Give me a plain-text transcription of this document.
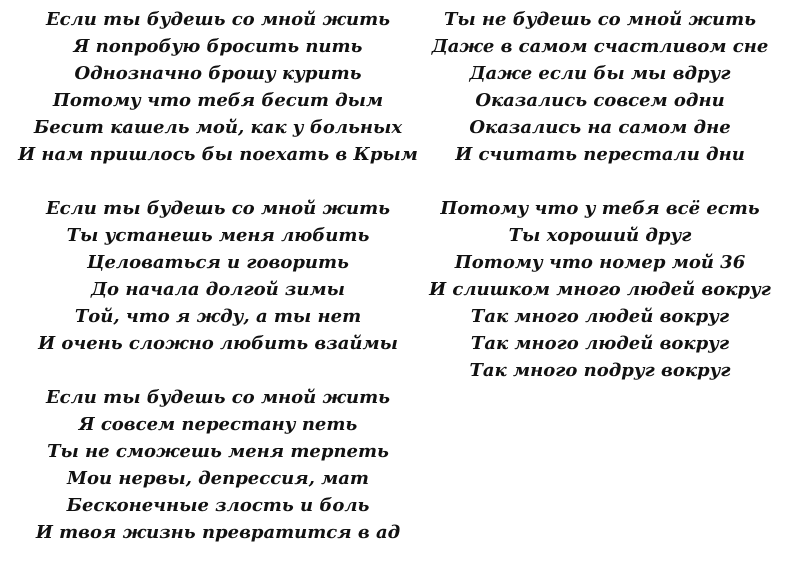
Если ты будешь со мной жить
Я попробую бросить пить
Однозначно брошу курить
Потому что тебя бесит дым
Бесит кашель мой, как у больных
И нам пришлось бы поехать в Крым
Если ты будешь со мной жить
Ты устанешь меня любить
Целоваться и говорить
До начала долгой зимы
Той, что я жду, а ты нет
И очень сложно любить взаймы
Если ты будешь со мной жить
Я совсем перестану петь
Ты не сможешь меня терпеть
Мои нервы, депрессия, мат
Бесконечные злость и боль
И твоя жизнь превратится в ад
Ты не будешь со мной жить
Даже в самом счастливом сне
Даже если бы мы вдруг
Оказались совсем одни
Оказались на самом дне
И считать перестали дни
Потому что у тебя всё есть
Ты хороший друг
Потому что номер мой 36
И слишком много людей вокруг
Так много людей вокруг
Так много людей вокруг
Так много подруг вокруг
